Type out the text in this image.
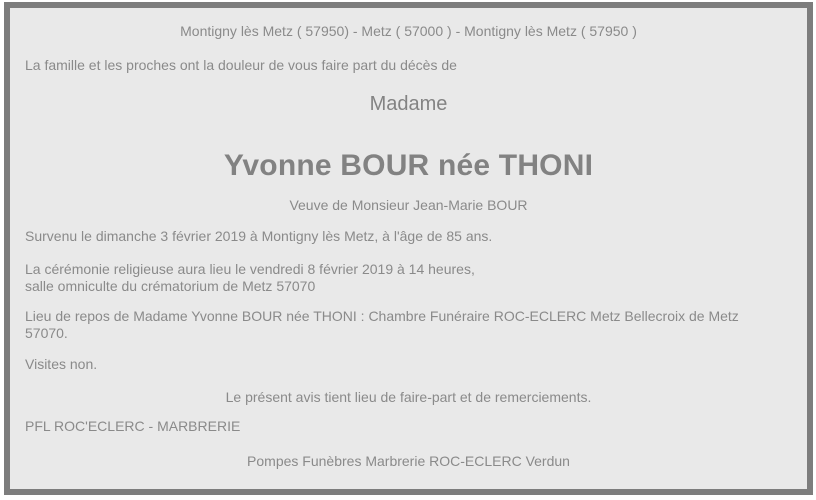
Montigny lès Metz ( 57950) - Metz ( 57000 ) - Montigny lès Metz ( 57950 )

La famille et les proches ont la douleur de vous faire part du décès de

Madame

Yvonne BOUR née THONI

Veuve de Monsieur Jean-Marie BOUR

Survenu le dimanche 3 février 2019 à Montigny lès Metz, à l'âge de 85 ans.

La cérémonie religieuse aura lieu le vendredi 8 février 2019 à 14 heures,
salle omniculte du crématorium de Metz 57070

Lieu de repos de Madame Yvonne BOUR née THONI : Chambre Funéraire ROC-ECLERC Metz Bellecroix de Metz
57070.

Visites non.

Le présent avis tient lieu de faire-part et de remerciements.

PFL ROC'ECLERC - MARBRERIE

Pompes Funèbres Marbrerie ROC-ECLERC Verdun
